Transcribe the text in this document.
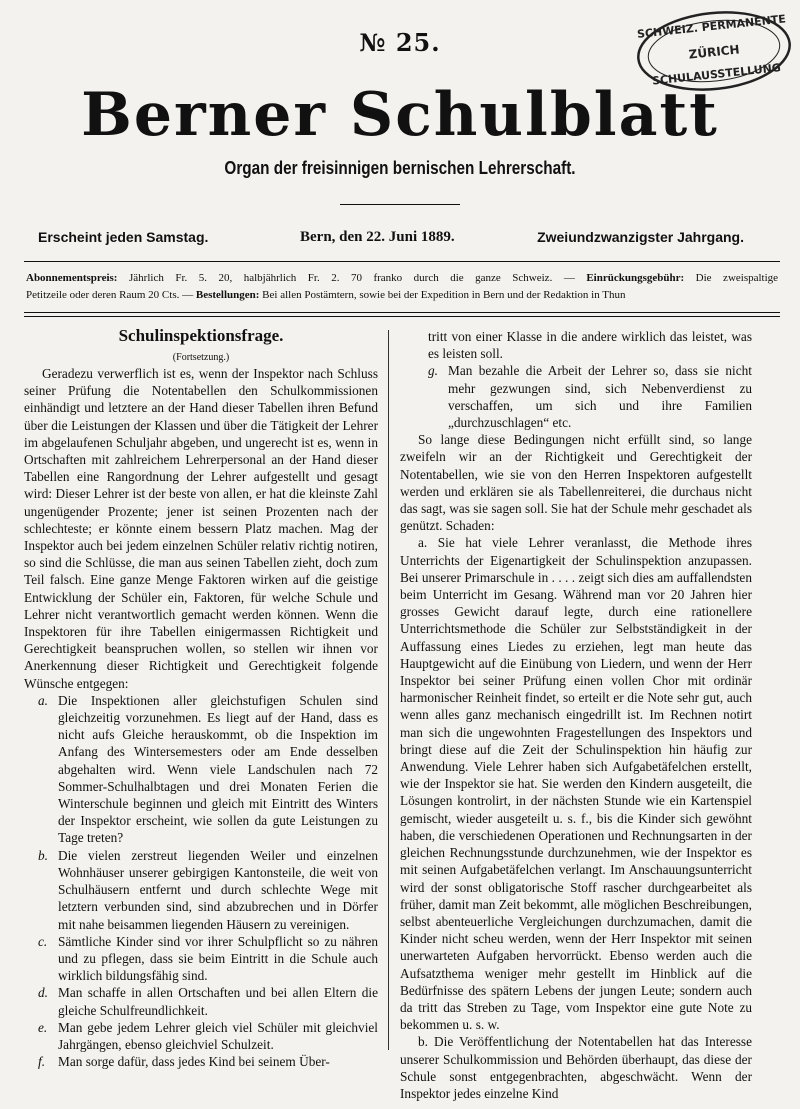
№ 25.
SCHWEIZ. PERMANENTE
ZÜRICH
SCHULAUSSTELLUNG
Berner Schulblatt
Organ der freisinnigen bernischen Lehrerschaft.
Erscheint jeden Samstag.	Bern, den 22. Juni 1889.	Zweiundzwanzigster Jahrgang.
Abonnementspreis: Jährlich Fr. 5. 20, halbjährlich Fr. 2. 70 franko durch die ganze Schweiz. — Einrückungsgebühr: Die zweispaltige
Petitzeile oder deren Raum 20 Cts. — Bestellungen: Bei allen Postämtern, sowie bei der Expedition in Bern und der Redaktion in Thun
Schulinspektionsfrage.
(Fortsetzung.)

Geradezu verwerflich ist es, wenn der Inspektor nach Schluss seiner Prüfung die Notentabellen den Schulkommissionen einhändigt und letztere an der Hand dieser Tabellen ihren Befund über die Leistungen der Klassen und über die Tätigkeit der Lehrer im abgelaufenen Schuljahr abgeben, und ungerecht ist es, wenn in Ortschaften mit zahlreichem Lehrerpersonal an der Hand dieser Tabellen eine Rangordnung der Lehrer aufgestellt und gesagt wird: Dieser Lehrer ist der beste von allen, er hat die kleinste Zahl ungenügender Prozente; jener ist seinen Prozenten nach der schlechteste; er könnte einem bessern Platz machen. Mag der Inspektor auch bei jedem einzelnen Schüler relativ richtig notiren, so sind die Schlüsse, die man aus seinen Tabellen zieht, doch zum Teil falsch. Eine ganze Menge Faktoren wirken auf die geistige Entwicklung der Schüler ein, Faktoren, für welche Schule und Lehrer nicht verantwortlich gemacht werden können. Wenn die Inspektoren für ihre Tabellen einigermassen Richtigkeit und Gerechtigkeit beanspruchen wollen, so stellen wir ihnen vor Anerkennung dieser Richtigkeit und Gerechtigkeit folgende Wünsche entgegen:

a. Die Inspektionen aller gleichstufigen Schulen sind gleichzeitig vorzunehmen. Es liegt auf der Hand, dass es nicht aufs Gleiche herauskommt, ob die Inspektion im Anfang des Wintersemesters oder am Ende desselben abgehalten wird. Wenn viele Landschulen nach 72 Sommer-Schulhalbtagen und drei Monaten Ferien die Winterschule beginnen und gleich mit Eintritt des Winters der Inspektor erscheint, wie sollen da gute Leistungen zu Tage treten?
b. Die vielen zerstreut liegenden Weiler und einzelnen Wohnhäuser unserer gebirgigen Kantonsteile, die weit von Schulhäusern entfernt und durch schlechte Wege mit letztern verbunden sind, sind abzubrechen und in Dörfer mit nahe beisammen liegenden Häusern zu vereinigen.
c. Sämtliche Kinder sind vor ihrer Schulpflicht so zu nähren und zu pflegen, dass sie beim Eintritt in die Schule auch wirklich bildungsfähig sind.
d. Man schaffe in allen Ortschaften und bei allen Eltern die gleiche Schulfreundlichkeit.
e. Man gebe jedem Lehrer gleich viel Schüler mit gleichviel Jahrgängen, ebenso gleichviel Schulzeit.
f. Man sorge dafür, dass jedes Kind bei seinem Über-

tritt von einer Klasse in die andere wirklich das leistet, was es leisten soll.

g. Man bezahle die Arbeit der Lehrer so, dass sie nicht mehr gezwungen sind, sich Nebenverdienst zu verschaffen, um sich und ihre Familien „durchzuschlagen“ etc.

So lange diese Bedingungen nicht erfüllt sind, so lange zweifeln wir an der Richtigkeit und Gerechtigkeit der Notentabellen, wie sie von den Herren Inspektoren aufgestellt werden und erklären sie als Tabellenreiterei, die durchaus nicht das sagt, was sie sagen soll. Sie hat der Schule mehr geschadet als genützt. Schaden:

a. Sie hat viele Lehrer veranlasst, die Methode ihres Unterrichts der Eigenartigkeit der Schulinspektion anzupassen. Bei unserer Primarschule in . . . . zeigt sich dies am auffallendsten beim Unterricht im Gesang. Während man vor 20 Jahren hier grosses Gewicht darauf legte, durch eine rationellere Unterrichtsmethode die Schüler zur Selbstständigkeit in der Auffassung eines Liedes zu erziehen, legt man heute das Hauptgewicht auf die Einübung von Liedern, und wenn der Herr Inspektor bei seiner Prüfung einen vollen Chor mit ordinär harmonischer Reinheit findet, so erteilt er die Note sehr gut, auch wenn alles ganz mechanisch eingedrillt ist. Im Rechnen notirt man sich die ungewohnten Fragestellungen des Inspektors und bringt diese auf die Zeit der Schulinspektion hin häufig zur Anwendung. Viele Lehrer haben sich Aufgabetäfelchen erstellt, wie der Inspektor sie hat. Sie werden den Kindern ausgeteilt, die Lösungen kontrolirt, in der nächsten Stunde wie ein Kartenspiel gemischt, wieder ausgeteilt u. s. f., bis die Kinder sich gewöhnt haben, die verschiedenen Operationen und Rechnungsarten in der gleichen Rechnungsstunde durchzunehmen, wie der Inspektor es mit seinen Aufgabetäfelchen verlangt. Im Anschauungsunterricht wird der sonst obligatorische Stoff rascher durchgearbeitet als früher, damit man Zeit bekommt, alle möglichen Beschreibungen, selbst abenteuerliche Vergleichungen durchzumachen, damit die Kinder nicht scheu werden, wenn der Herr Inspektor mit seinen unerwarteten Aufgaben hervorrückt. Ebenso werden auch die Aufsatzthema weniger mehr gestellt im Hinblick auf die Bedürfnisse des spätern Lebens der jungen Leute; sondern auch da tritt das Streben zu Tage, vom Inspektor eine gute Note zu bekommen u. s. w.

b. Die Veröffentlichung der Notentabellen hat das Interesse unserer Schulkommission und Behörden überhaupt, das diese der Schule sonst entgegenbrachten, abgeschwächt. Wenn der Inspektor jedes einzelne Kind
